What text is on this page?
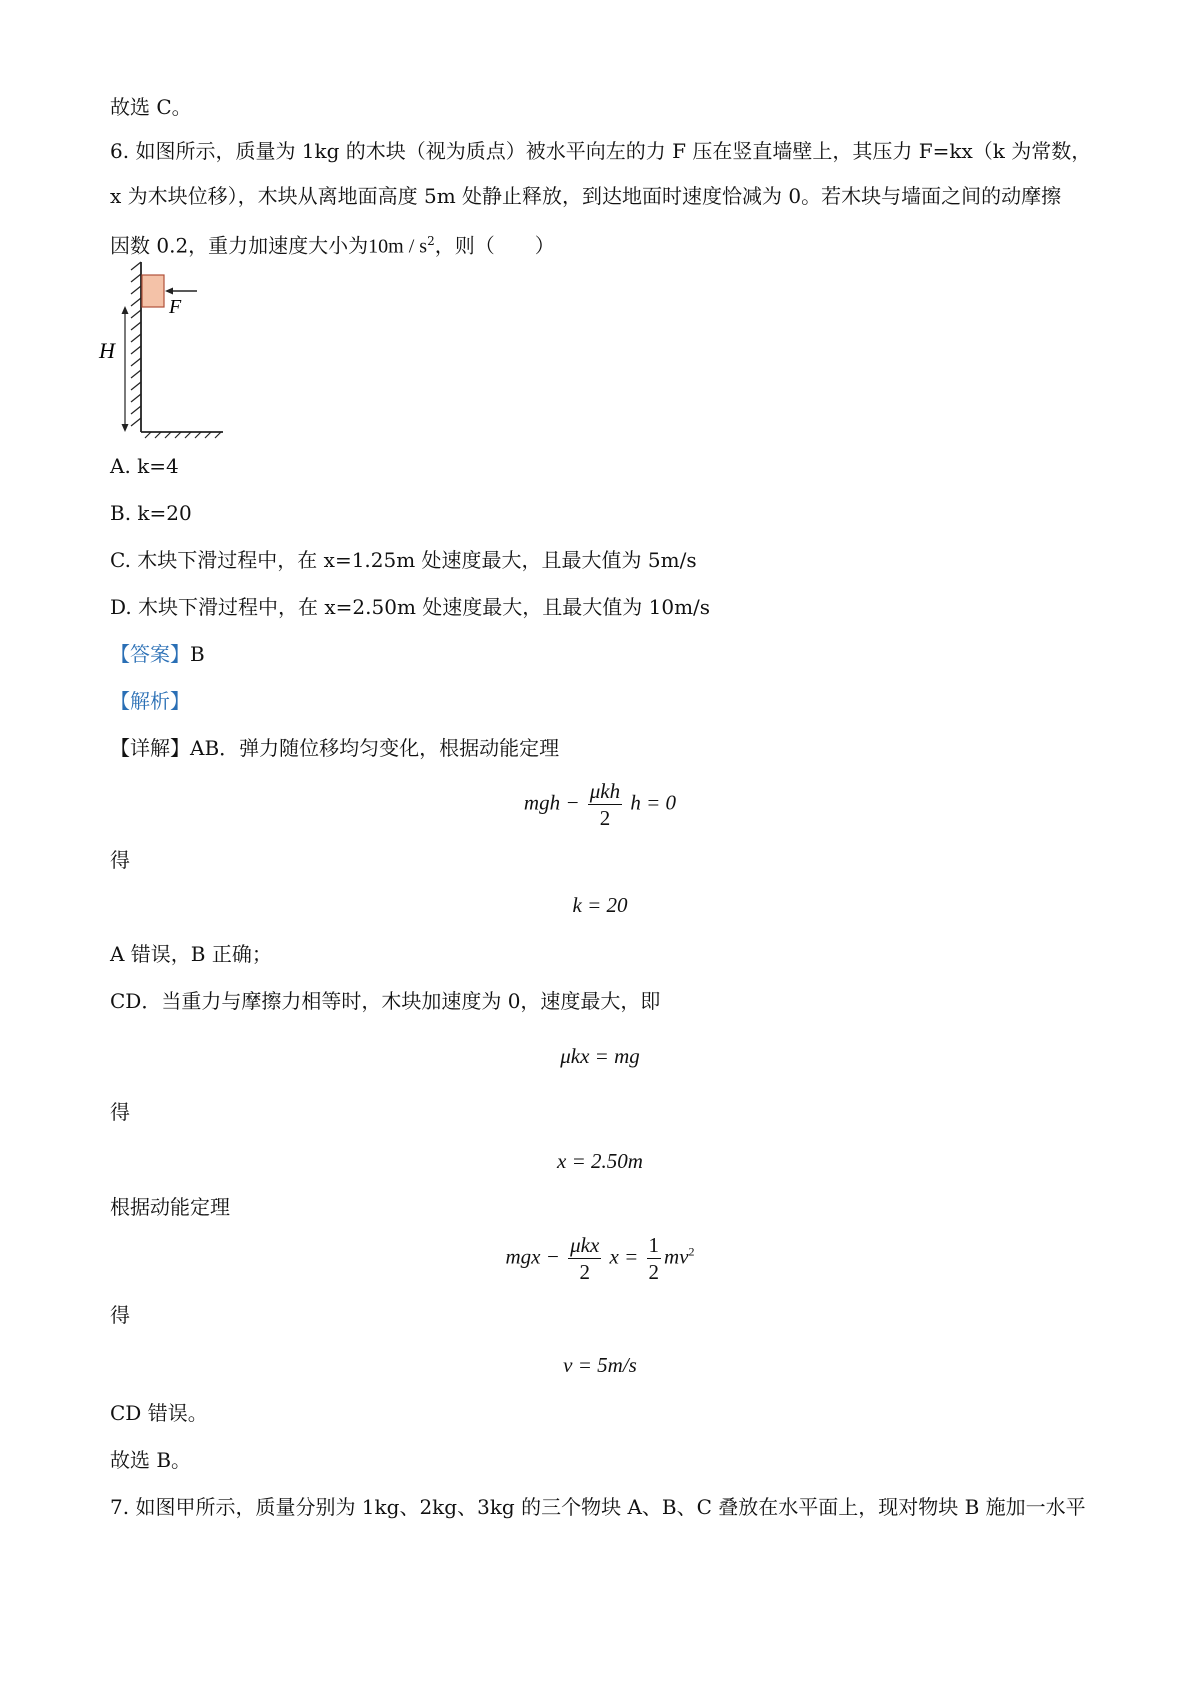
故选 C。
6. 如图所示，质量为 1kg 的木块（视为质点）被水平向左的力 F 压在竖直墙壁上，其压力 F=kx（k 为常数，
x 为木块位移），木块从离地面高度 5m 处静止释放，到达地面时速度恰减为 0。若木块与墙面之间的动摩擦
因数 0.2，重力加速度大小为$10m / s^2$，则（　　）
F
H
A. k=4
B. k=20
C. 木块下滑过程中，在 x=1.25m 处速度最大，且最大值为 5m/s
D. 木块下滑过程中，在 x=2.50m 处速度最大，且最大值为 10m/s
【答案】B
【解析】
【详解】AB．弹力随位移均匀变化，根据动能定理
mgh − $\frac{\text{μkh}}{2}$ h = 0
得
k = 20
A 错误，B 正确；
CD．当重力与摩擦力相等时，木块加速度为 0，速度最大，即
μkx = mg
得
x = 2.50m
根据动能定理
mgx − $\frac{\text{μkx}}{2}$ $x = \frac{1}{2} mv^2$
得
v = 5m/s
CD 错误。
故选 B。
7. 如图甲所示，质量分别为 1kg、2kg、3kg 的三个物块 A、B、C 叠放在水平面上，现对物块 B 施加一水平
